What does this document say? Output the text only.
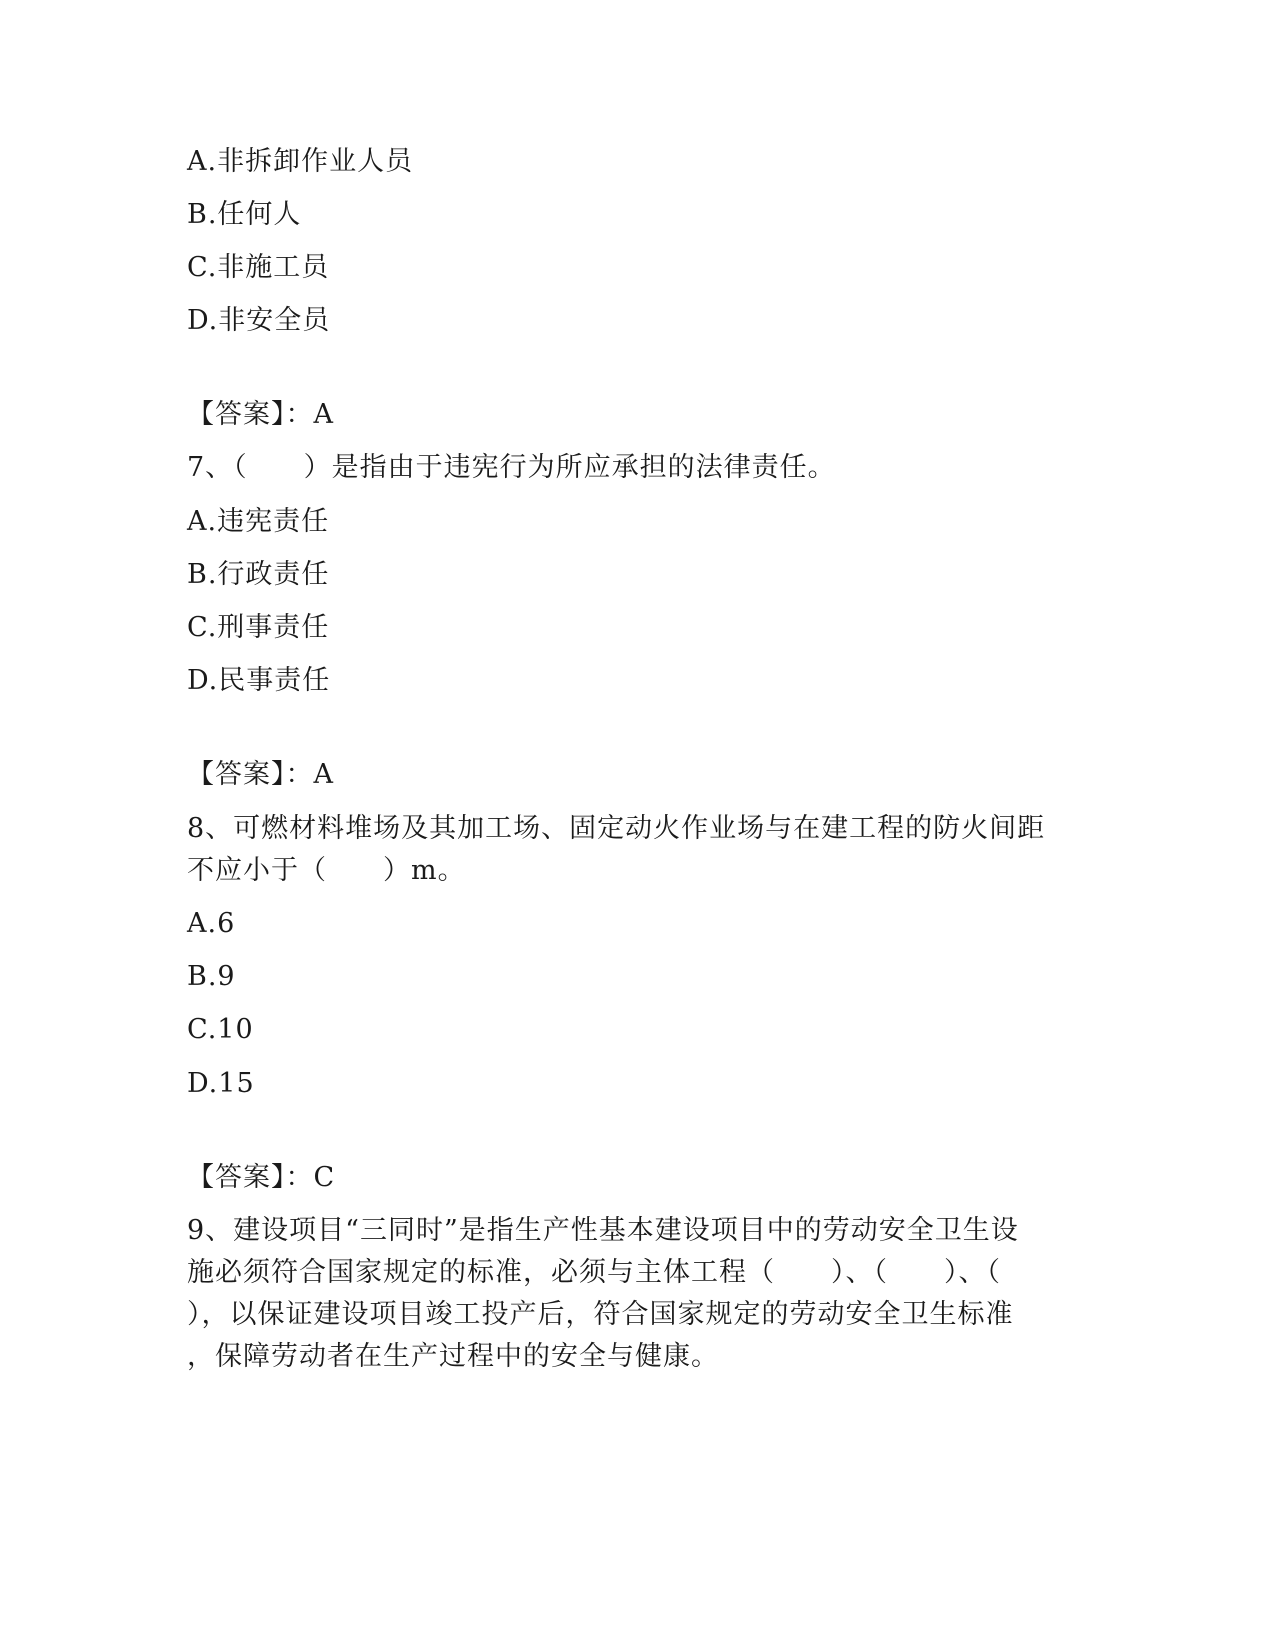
A.非拆卸作业人员
B.任何人
C.非施工员
D.非安全员
【答案】：A
7、（　　）是指由于违宪行为所应承担的法律责任。
A.违宪责任
B.行政责任
C.刑事责任
D.民事责任
【答案】：A
8、可燃材料堆场及其加工场、固定动火作业场与在建工程的防火间距
不应小于（　　）m。
A.6
B.9
C.10
D.15
【答案】：C
9、建设项目“三同时”是指生产性基本建设项目中的劳动安全卫生设
施必须符合国家规定的标准，必须与主体工程（　　）、（　　）、（
），以保证建设项目竣工投产后，符合国家规定的劳动安全卫生标准
，保障劳动者在生产过程中的安全与健康。
